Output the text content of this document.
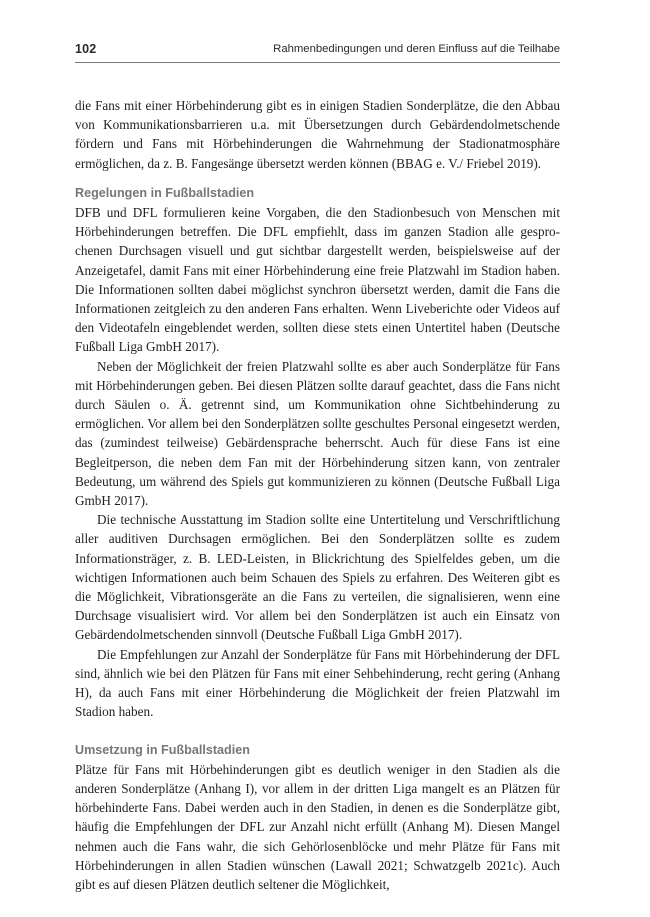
102	Rahmenbedingungen und deren Einfluss auf die Teilhabe

die Fans mit einer Hörbehinderung gibt es in einigen Stadien Sonderplätze, die den Abbau von Kommunikationsbarrieren u.a. mit Übersetzungen durch Gebärdendolmetschende fördern und Fans mit Hörbehinderungen die Wahrnehmung der Stadionatmosphäre ermöglichen, da z. B. Fangesänge übersetzt werden können (BBAG e. V./ Friebel 2019).

Regelungen in Fußballstadien

DFB und DFL formulieren keine Vorgaben, die den Stadionbesuch von Menschen mit Hörbehinderungen betreffen. Die DFL empfiehlt, dass im ganzen Stadion alle gesprochenen Durchsagen visuell und gut sichtbar dargestellt werden, beispielsweise auf der Anzeigetafel, damit Fans mit einer Hörbehinderung eine freie Platzwahl im Stadion haben. Die Informationen sollten dabei möglichst synchron übersetzt werden, damit die Fans die Informationen zeitgleich zu den anderen Fans erhalten. Wenn Liveberichte oder Videos auf den Videotafeln eingeblendet werden, sollten diese stets einen Untertitel haben (Deutsche Fußball Liga GmbH 2017).

Neben der Möglichkeit der freien Platzwahl sollte es aber auch Sonderplätze für Fans mit Hörbehinderungen geben. Bei diesen Plätzen sollte darauf geachtet, dass die Fans nicht durch Säulen o. Ä. getrennt sind, um Kommunikation ohne Sichtbehinderung zu ermöglichen. Vor allem bei den Sonderplätzen sollte geschultes Personal eingesetzt werden, das (zumindest teilweise) Gebärdensprache beherrscht. Auch für diese Fans ist eine Begleitperson, die neben dem Fan mit der Hörbehinderung sitzen kann, von zentraler Bedeutung, um während des Spiels gut kommunizieren zu können (Deutsche Fußball Liga GmbH 2017).

Die technische Ausstattung im Stadion sollte eine Untertitelung und Verschriftlichung aller auditiven Durchsagen ermöglichen. Bei den Sonderplätzen sollte es zudem Informationsträger, z. B. LED-Leisten, in Blickrichtung des Spielfeldes geben, um die wichtigen Informationen auch beim Schauen des Spiels zu erfahren. Des Weiteren gibt es die Möglichkeit, Vibrationsgeräte an die Fans zu verteilen, die signalisieren, wenn eine Durchsage visualisiert wird. Vor allem bei den Sonderplätzen ist auch ein Einsatz von Gebärdendolmetschenden sinnvoll (Deutsche Fußball Liga GmbH 2017).

Die Empfehlungen zur Anzahl der Sonderplätze für Fans mit Hörbehinderung der DFL sind, ähnlich wie bei den Plätzen für Fans mit einer Sehbehinderung, recht gering (Anhang H), da auch Fans mit einer Hörbehinderung die Möglichkeit der freien Platzwahl im Stadion haben.

Umsetzung in Fußballstadien

Plätze für Fans mit Hörbehinderungen gibt es deutlich weniger in den Stadien als die anderen Sonderplätze (Anhang I), vor allem in der dritten Liga mangelt es an Plätzen für hörbehinderte Fans. Dabei werden auch in den Stadien, in denen es die Sonderplätze gibt, häufig die Empfehlungen der DFL zur Anzahl nicht erfüllt (Anhang M). Diesen Mangel nehmen auch die Fans wahr, die sich Gehörlosenblöcke und mehr Plätze für Fans mit Hörbehinderungen in allen Stadien wünschen (Lawall 2021; Schwatzgelb 2021c). Auch gibt es auf diesen Plätzen deutlich seltener die Möglichkeit,
